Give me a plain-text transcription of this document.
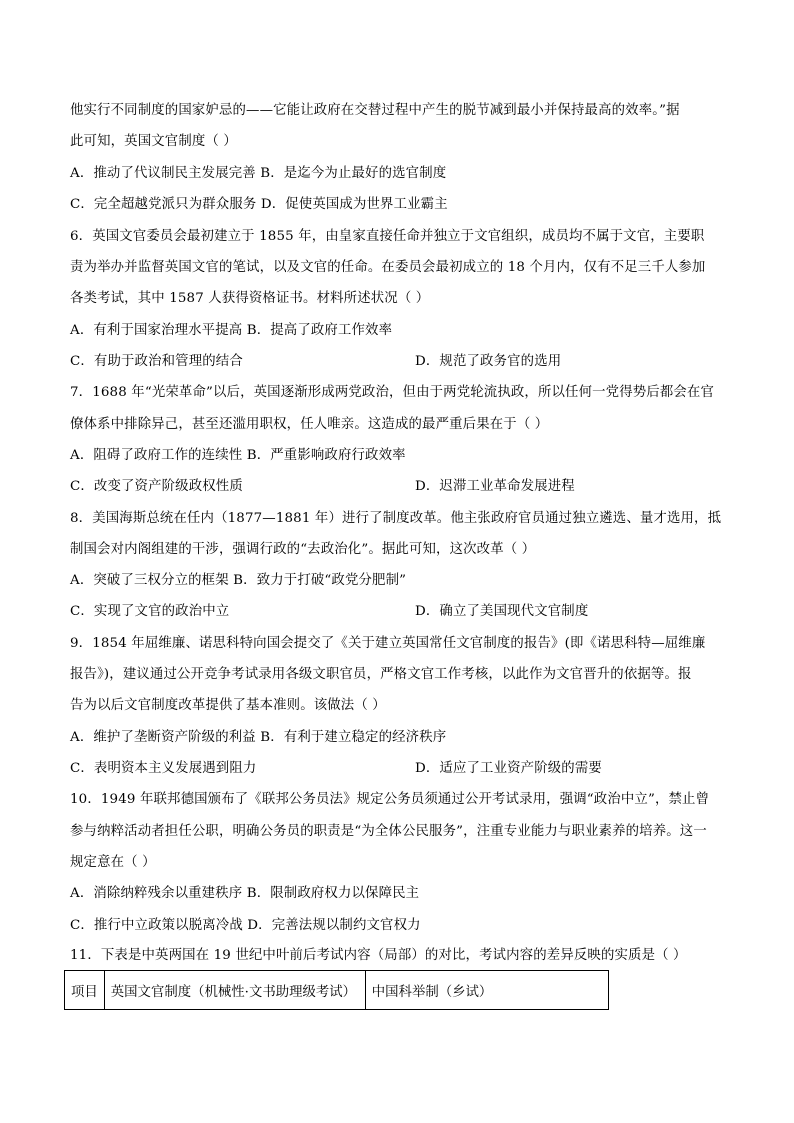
他实行不同制度的国家妒忌的——它能让政府在交替过程中产生的脱节减到最小并保持最高的效率。”据
此可知，英国文官制度（ ）
A．推动了代议制民主发展完善 B．是迄今为止最好的选官制度
C．完全超越党派只为群众服务 D．促使英国成为世界工业霸主
6．英国文官委员会最初建立于 1855 年，由皇家直接任命并独立于文官组织，成员均不属于文官，主要职
责为举办并监督英国文官的笔试，以及文官的任命。在委员会最初成立的 18 个月内，仅有不足三千人参加
各类考试，其中 1587 人获得资格证书。材料所述状况（ ）
A．有利于国家治理水平提高 B．提高了政府工作效率
C．有助于政治和管理的结合	D．规范了政务官的选用
7．1688 年“光荣革命”以后，英国逐渐形成两党政治，但由于两党轮流执政，所以任何一党得势后都会在官
僚体系中排除异己，甚至还滥用职权，任人唯亲。这造成的最严重后果在于（ ）
A．阻碍了政府工作的连续性 B．严重影响政府行政效率
C．改变了资产阶级政权性质	D．迟滞工业革命发展进程
8．美国海斯总统在任内（1877—1881 年）进行了制度改革。他主张政府官员通过独立遴选、量才选用，抵
制国会对内阁组建的干涉，强调行政的“去政治化”。据此可知，这次改革（ ）
A．突破了三权分立的框架 B．致力于打破“政党分肥制”
C．实现了文官的政治中立	D．确立了美国现代文官制度
9．1854 年屈维廉、诺思科特向国会提交了《关于建立英国常任文官制度的报告》(即《诺思科特—屈维廉
报告》)，建议通过公开竞争考试录用各级文职官员，严格文官工作考核，以此作为文官晋升的依据等。报
告为以后文官制度改革提供了基本准则。该做法（ ）
A．维护了垄断资产阶级的利益 B．有利于建立稳定的经济秩序
C．表明资本主义发展遇到阻力	D．适应了工业资产阶级的需要
10．1949 年联邦德国颁布了《联邦公务员法》规定公务员须通过公开考试录用，强调“政治中立”，禁止曾
参与纳粹活动者担任公职，明确公务员的职责是“为全体公民服务”，注重专业能力与职业素养的培养。这一
规定意在（ ）
A．消除纳粹残余以重建秩序 B．限制政府权力以保障民主
C．推行中立政策以脱离冷战 D．完善法规以制约文官权力
11．下表是中英两国在 19 世纪中叶前后考试内容（局部）的对比，考试内容的差异反映的实质是（ ）
项目	英国文官制度（机械性·文书助理级考试）	中国科举制（乡试）
